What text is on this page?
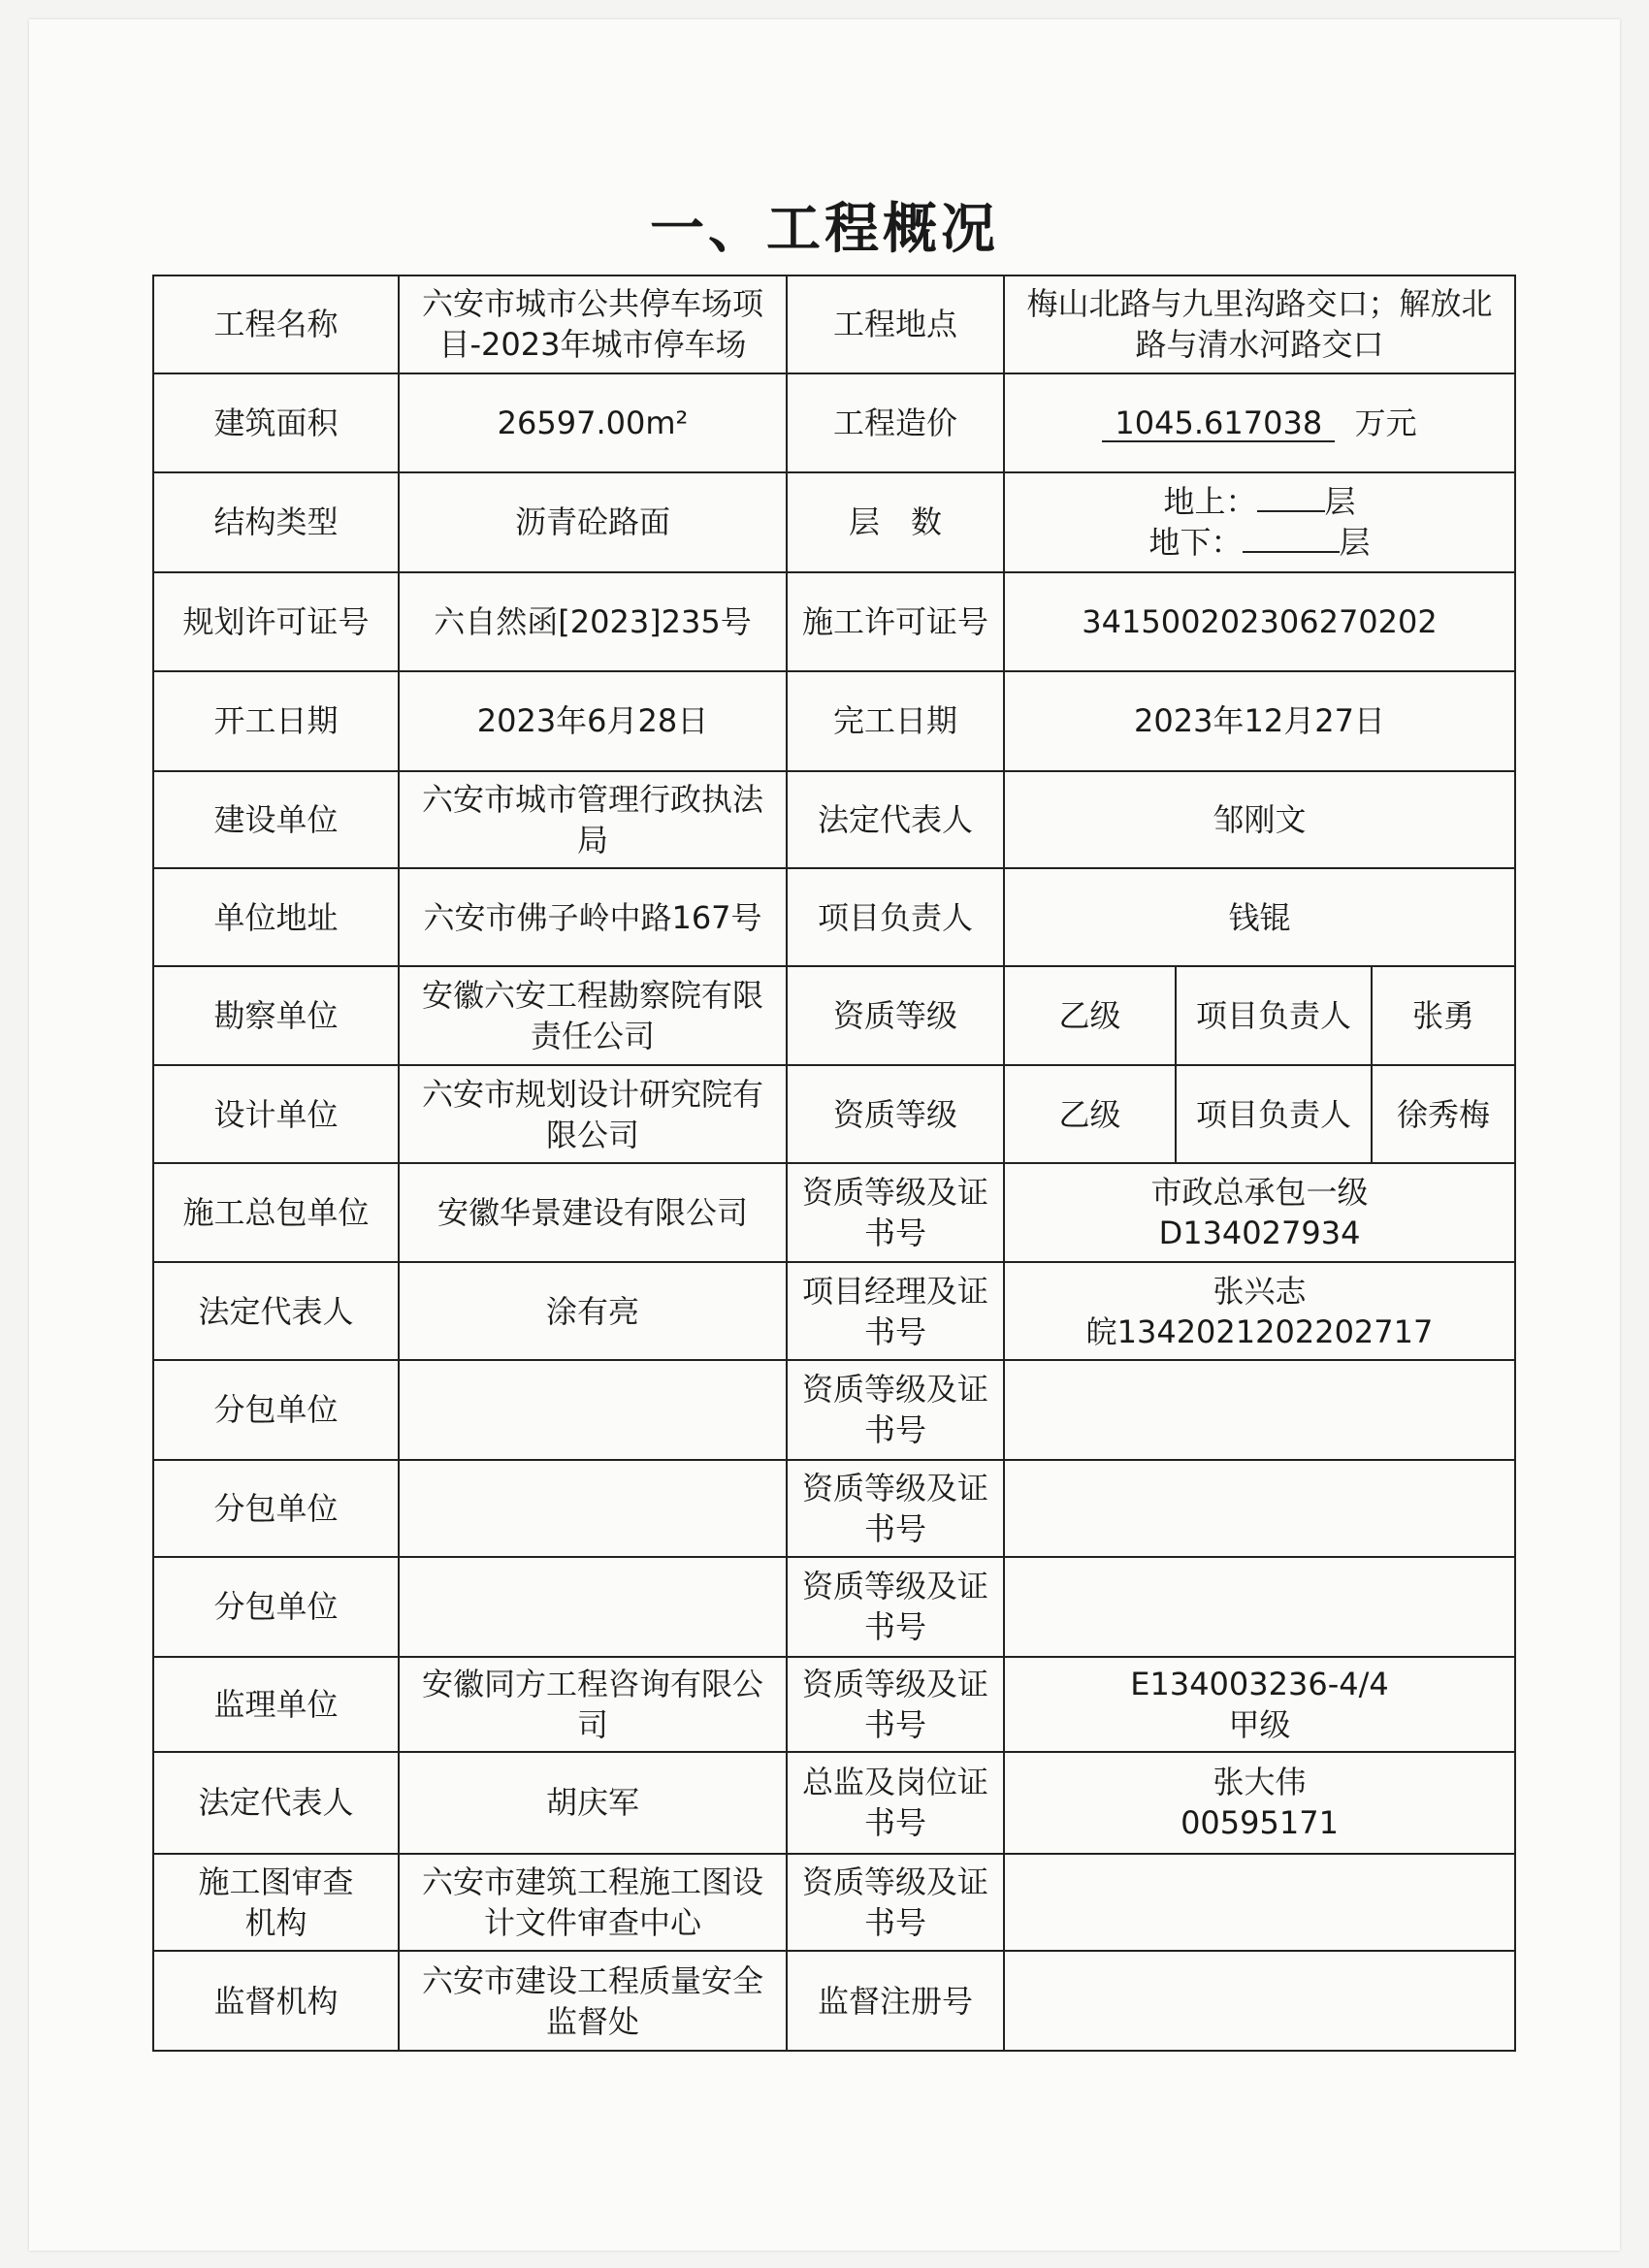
一、工程概况
工程名称	六安市城市公共停车场项目-2023年城市停车场	工程地点	梅山北路与九里沟路交口；解放北路与清水河路交口
建筑面积	26597.00m²	工程造价	1045.617038 万元
结构类型	沥青砼路面	层　数	地上： 层
地下： 层

规划许可证号	六自然函[2023]235号	施工许可证号	341500202306270202
开工日期	2023年6月28日	完工日期	2023年12月27日
建设单位	六安市城市管理行政执法局	法定代表人	邹刚文
单位地址	六安市佛子岭中路167号	项目负责人	钱锟
勘察单位	安徽六安工程勘察院有限责任公司	资质等级	乙级 项目负责人 张勇

设计单位	六安市规划设计研究院有限公司	资质等级	乙级 项目负责人 徐秀梅

施工总包单位	安徽华景建设有限公司	资质等级及证书号	市政总承包一级
D134027934

法定代表人	涂有亮	项目经理及证书号	张兴志
皖1342021202202717

分包单位		资质等级及证书号	
分包单位		资质等级及证书号	
分包单位		资质等级及证书号	
监理单位	安徽同方工程咨询有限公司	资质等级及证书号	E134003236-4/4
甲级

法定代表人	胡庆军	总监及岗位证书号	张大伟
00595171

施工图审查机构	六安市建筑工程施工图设计文件审查中心	资质等级及证书号	
监督机构	六安市建设工程质量安全监督处	监督注册号	
